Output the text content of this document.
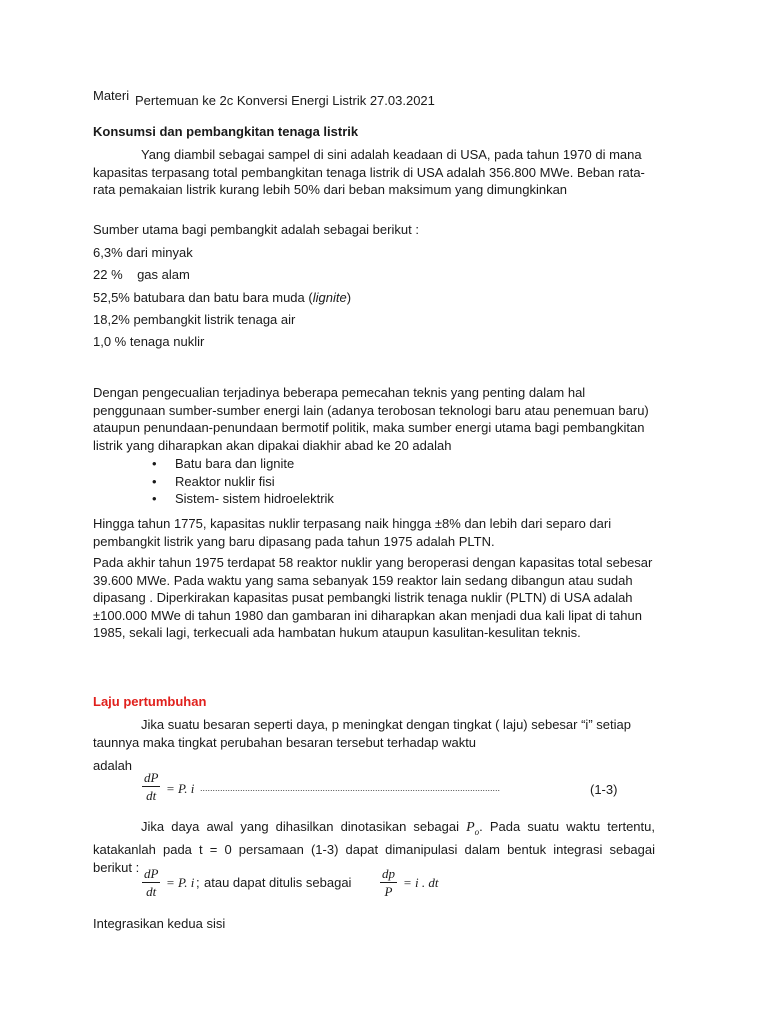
Materi Pertemuan ke 2c Konversi Energi Listrik 27.03.2021
Konsumsi dan pembangkitan tenaga listrik
Yang diambil sebagai sampel di sini adalah keadaan di USA, pada tahun 1970 di mana kapasitas terpasang total pembangkitan tenaga listrik di USA adalah 356.800 MWe. Beban rata-rata pemakaian listrik kurang lebih 50% dari beban maksimum yang dimungkinkan
Sumber utama bagi pembangkit adalah sebagai berikut :
6,3% dari minyak
22 %    gas alam
52,5% batubara dan batu bara muda (lignite)
18,2% pembangkit listrik tenaga air
1,0 % tenaga nuklir
Dengan pengecualian terjadinya beberapa pemecahan teknis yang penting dalam hal penggunaan sumber-sumber energi lain (adanya terobosan teknologi baru atau penemuan baru) ataupun penundaan-penundaan bermotif politik, maka sumber energi utama bagi pembangkitan listrik yang diharapkan akan dipakai diakhir abad ke 20 adalah
• Batu bara dan lignite
• Reaktor nuklir fisi
• Sistem- sistem hidroelektrik
Hingga tahun 1775, kapasitas nuklir terpasang naik hingga ±8% dan lebih dari separo dari pembangkit listrik yang baru dipasang pada tahun 1975 adalah PLTN.
Pada akhir tahun 1975 terdapat 58 reaktor nuklir yang beroperasi dengan kapasitas total sebesar 39.600 MWe. Pada waktu yang sama sebanyak 159 reaktor lain sedang dibangun atau sudah dipasang . Diperkirakan kapasitas pusat pembangki listrik tenaga nuklir (PLTN) di USA adalah ±100.000 MWe di tahun 1980 dan gambaran ini diharapkan akan menjadi dua kali lipat di tahun 1985, sekali lagi, terkecuali ada hambatan hukum ataupun kasulitan-kesulitan teknis.
Laju pertumbuhan
Jika suatu besaran seperti daya, p meningkat dengan tingkat ( laju) sebesar “i” setiap taunnya maka tingkat perubahan besaran tersebut terhadap waktu
adalah
$\frac{dP}{dt} = P$. i ........................................................................................................................	(1-3)
Jika daya awal yang dihasilkan dinotasikan sebagai $P_o$. Pada suatu waktu tertentu, katakanlah pada t = 0 persamaan (1-3) dapat dimanipulasi dalam bentuk integrasi sebagai berikut : $\frac{dP}{dt} = P$. i ; atau dapat ditulis sebagai $\frac{dp}{P} = i$ . dt
Integrasikan kedua sisi
